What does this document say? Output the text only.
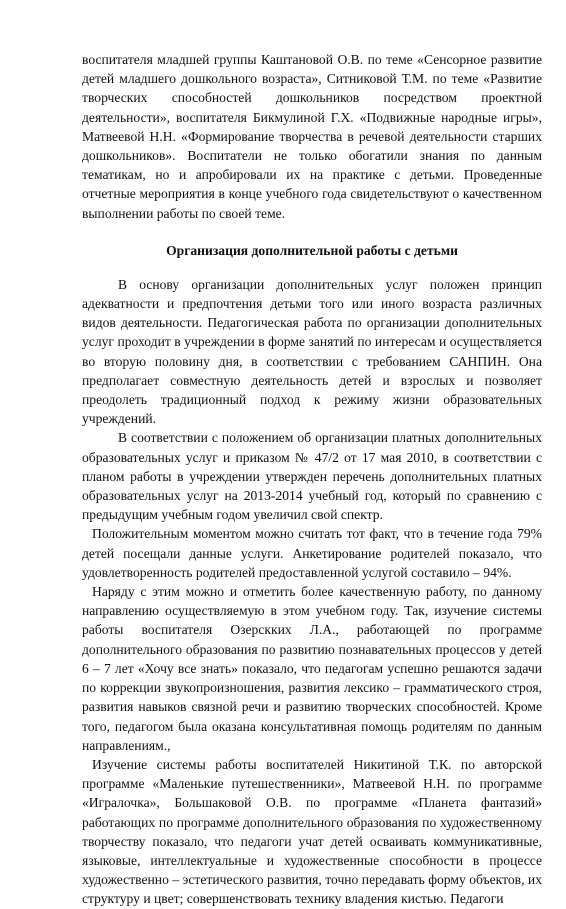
воспитателя младшей группы Каштановой О.В. по теме «Сенсорное развитие детей младшего дошкольного возраста», Ситниковой Т.М. по теме «Развитие творческих способностей дошкольников посредством проектной деятельности», воспитателя Бикмулиной Г.Х. «Подвижные народные игры», Матвеевой Н.Н. «Формирование творчества в речевой деятельности старших дошкольников». Воспитатели не только обогатили знания по данным тематикам, но и апробировали их на практике с детьми. Проведенные отчетные мероприятия в конце учебного года свидетельствуют о качественном выполнении работы по своей теме.

Организация дополнительной работы с детьми

В основу организации дополнительных услуг положен принцип адекватности и предпочтения детьми того или иного возраста различных видов деятельности. Педагогическая работа по организации дополнительных услуг проходит в учреждении в форме занятий по интересам и осуществляется во вторую половину дня, в соответствии с требованием САНПИН. Она предполагает совместную деятельность детей и взрослых и позволяет преодолеть традиционный подход к режиму жизни образовательных учреждений.

В соответствии с положением об организации платных дополнительных образовательных услуг и приказом № 47/2 от 17 мая 2010, в соответствии с планом работы в учреждении утвержден перечень дополнительных платных образовательных услуг на 2013-2014 учебный год, который по сравнению с предыдущим учебным годом увеличил свой спектр.

Положительным моментом можно считать тот факт, что в течение года 79% детей посещали данные услуги. Анкетирование родителей показало, что удовлетворенность родителей предоставленной услугой составило – 94%.

Наряду с этим можно и отметить более качественную работу, по данному направлению осуществляемую в этом учебном году. Так, изучение системы работы воспитателя Озерскких Л.А., работающей по программе дополнительного образования по развитию познавательных процессов у детей 6 – 7 лет «Хочу все знать» показало, что педагогам успешно решаются задачи по коррекции звукопроизношения, развития лексико – грамматического строя, развития навыков связной речи и развитию творческих способностей. Кроме того, педагогом была оказана консультативная помощь родителям по данным направлениям.,

Изучение системы работы воспитателей Никитиной Т.К. по авторской программе «Маленькие путешественники», Матвеевой Н.Н. по программе «Игралочка», Большаковой О.В. по программе «Планета фантазий» работающих по программе дополнительного образования по художественному творчеству показало, что педагоги учат детей осваивать коммуникативные, языковые, интеллектуальные и художественные способности в процессе художественно – эстетического развития, точно передавать форму объектов, их структуру и цвет; совершенствовать технику владения кистью. Педагоги
